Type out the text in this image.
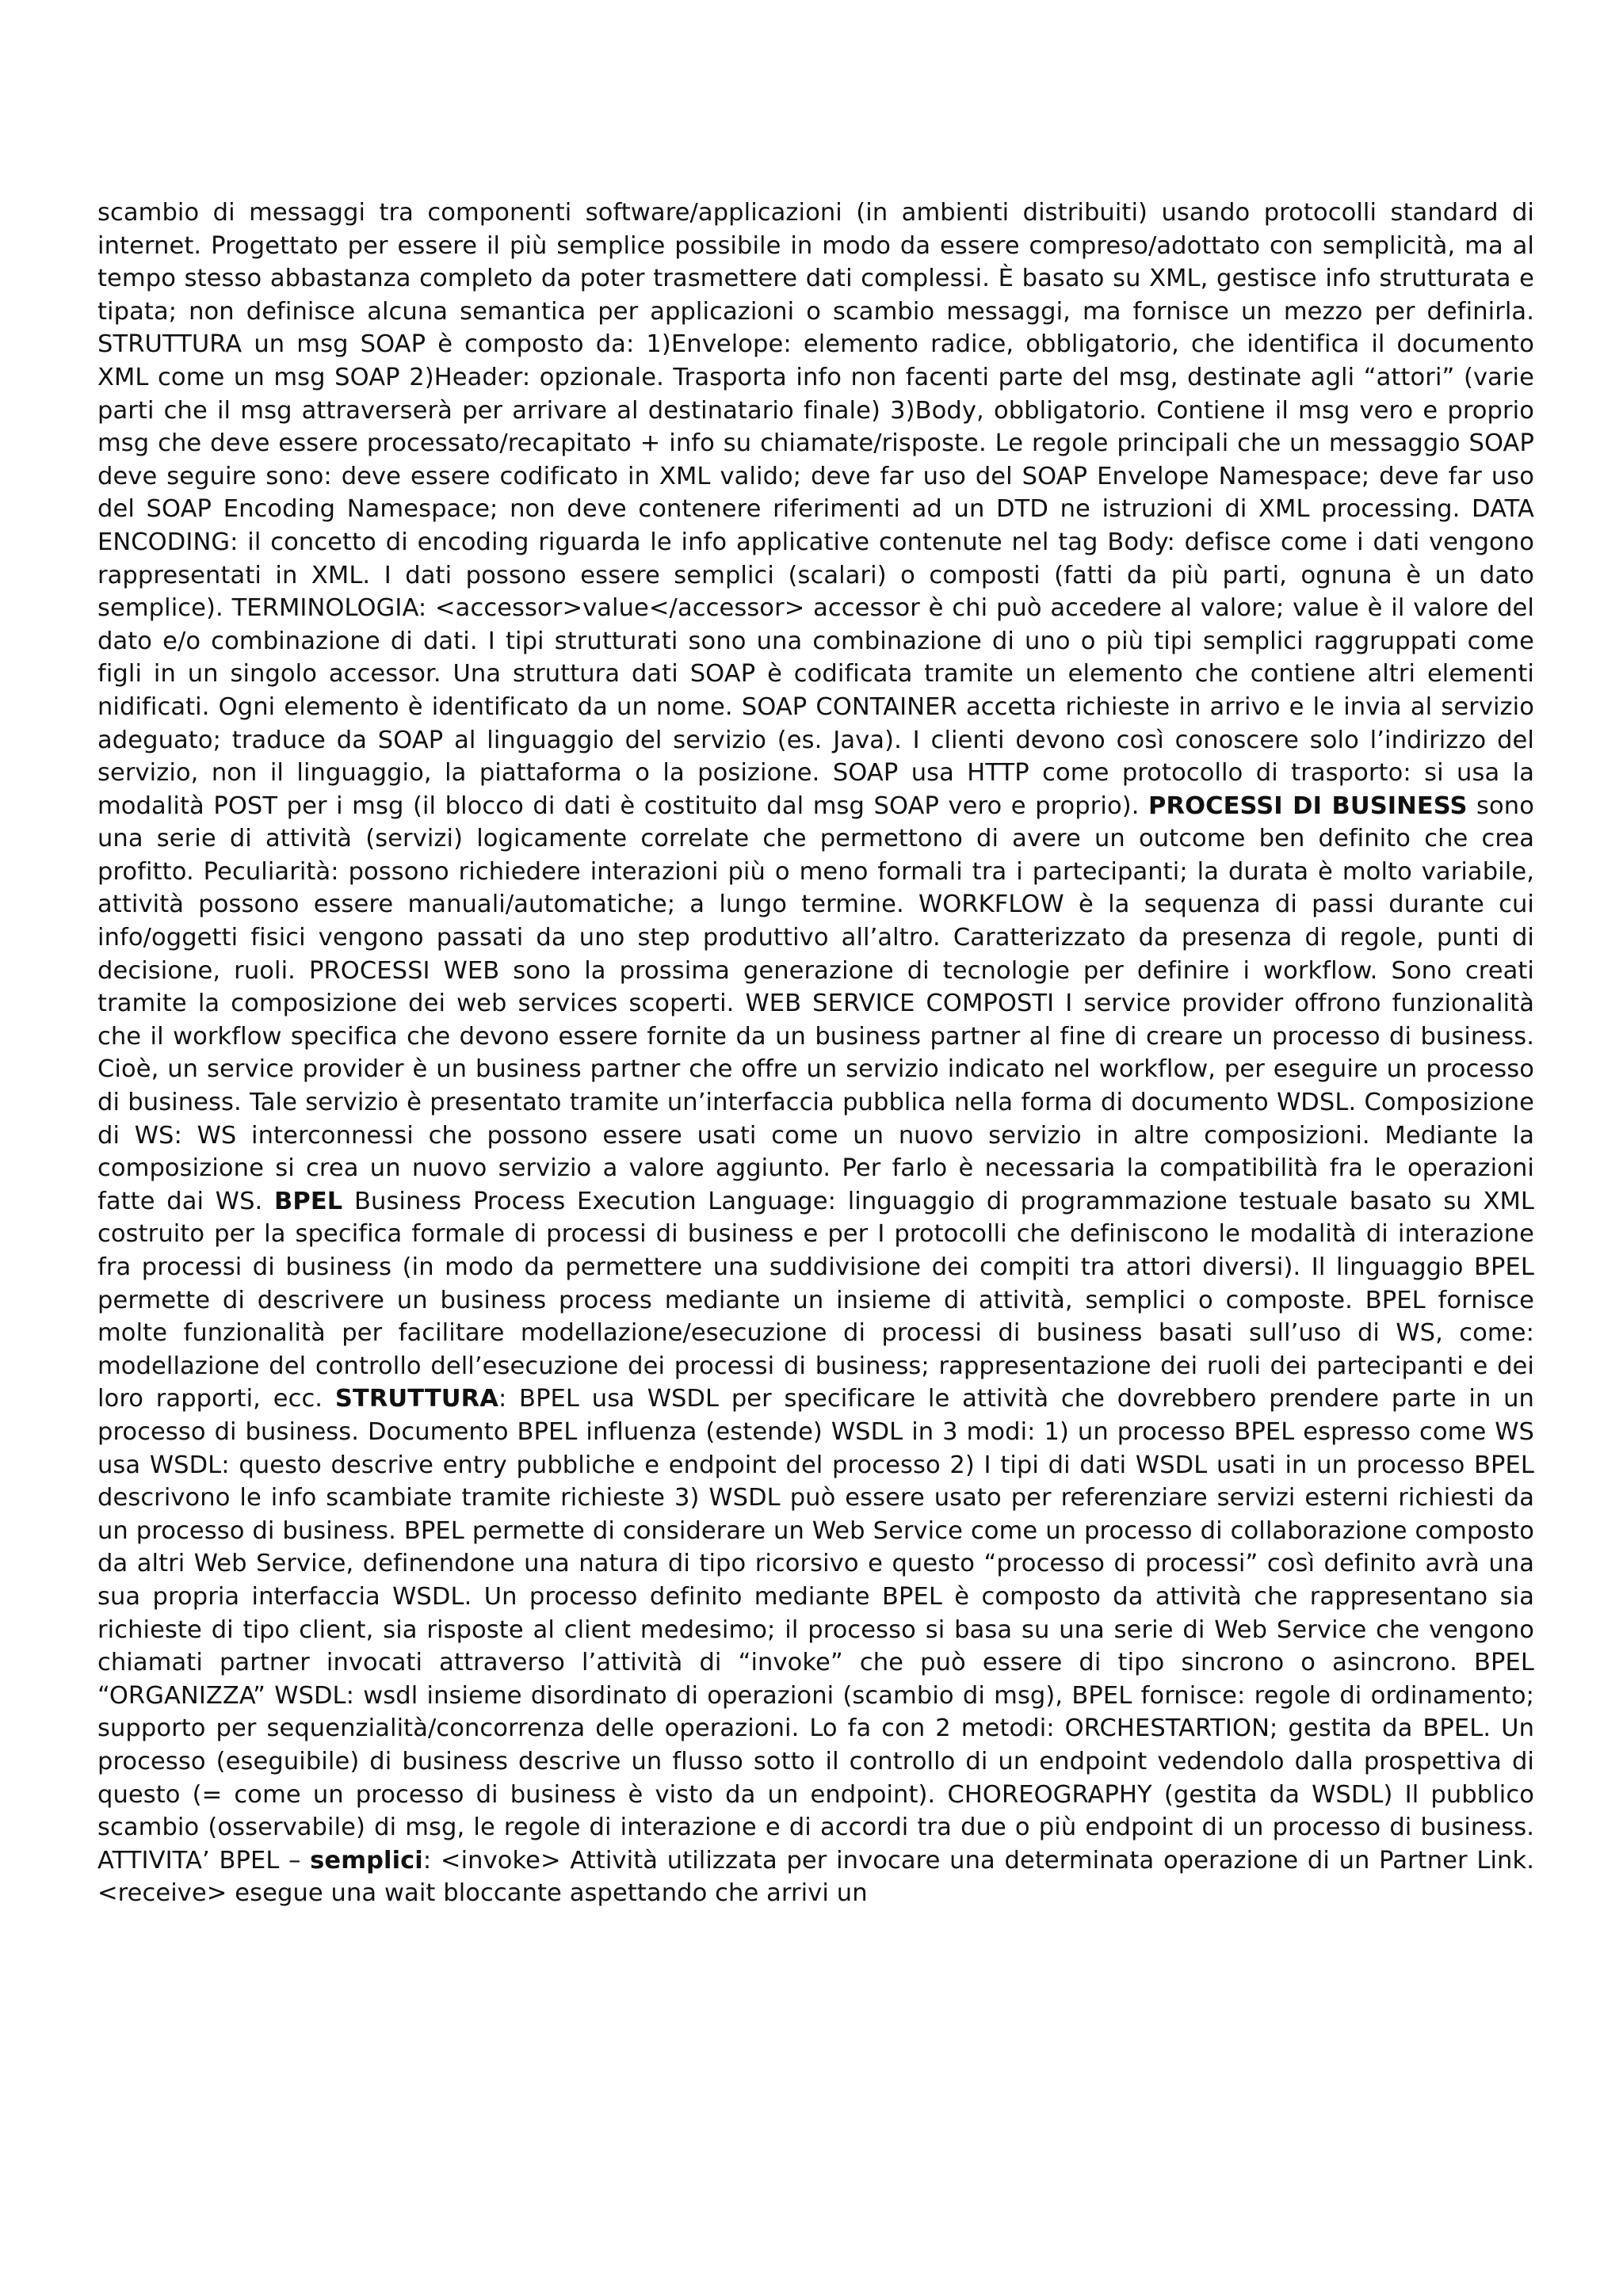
scambio di messaggi tra componenti software/applicazioni (in ambienti distribuiti) usando protocolli standard di internet. Progettato per essere il più semplice possibile in modo da essere compreso/adottato con semplicità, ma al tempo stesso abbastanza completo da poter trasmettere dati complessi. È basato su XML, gestisce info strutturata e tipata; non definisce alcuna semantica per applicazioni o scambio messaggi, ma fornisce un mezzo per definirla. STRUTTURA un msg SOAP è composto da: 1)Envelope: elemento radice, obbligatorio, che identifica il documento XML come un msg SOAP 2)Header: opzionale. Trasporta info non facenti parte del msg, destinate agli “attori” (varie parti che il msg attraverserà per arrivare al destinatario finale) 3)Body, obbligatorio. Contiene il msg vero e proprio msg che deve essere processato/recapitato + info su chiamate/risposte. Le regole principali che un messaggio SOAP deve seguire sono: deve essere codificato in XML valido; deve far uso del SOAP Envelope Namespace; deve far uso del SOAP Encoding Namespace; non deve contenere riferimenti ad un DTD ne istruzioni di XML processing. DATA ENCODING: il concetto di encoding riguarda le info applicative contenute nel tag Body: defisce come i dati vengono rappresentati in XML. I dati possono essere semplici (scalari) o composti (fatti da più parti, ognuna è un dato semplice). TERMINOLOGIA: <accessor>value</accessor> accessor è chi può accedere al valore; value è il valore del dato e/o combinazione di dati. I tipi strutturati sono una combinazione di uno o più tipi semplici raggruppati come figli in un singolo accessor. Una struttura dati SOAP è codificata tramite un elemento che contiene altri elementi nidificati. Ogni elemento è identificato da un nome. SOAP CONTAINER accetta richieste in arrivo e le invia al servizio adeguato; traduce da SOAP al linguaggio del servizio (es. Java). I clienti devono così conoscere solo l’indirizzo del servizio, non il linguaggio, la piattaforma o la posizione. SOAP usa HTTP come protocollo di trasporto: si usa la modalità POST per i msg (il blocco di dati è costituito dal msg SOAP vero e proprio). PROCESSI DI BUSINESS sono una serie di attività (servizi) logicamente correlate che permettono di avere un outcome ben definito che crea profitto. Peculiarità: possono richiedere interazioni più o meno formali tra i partecipanti; la durata è molto variabile, attività possono essere manuali/automatiche; a lungo termine. WORKFLOW è la sequenza di passi durante cui info/oggetti fisici vengono passati da uno step produttivo all’altro. Caratterizzato da presenza di regole, punti di decisione, ruoli. PROCESSI WEB sono la prossima generazione di tecnologie per definire i workflow. Sono creati tramite la composizione dei web services scoperti. WEB SERVICE COMPOSTI I service provider offrono funzionalità che il workflow specifica che devono essere fornite da un business partner al fine di creare un processo di business. Cioè, un service provider è un business partner che offre un servizio indicato nel workflow, per eseguire un processo di business. Tale servizio è presentato tramite un’interfaccia pubblica nella forma di documento WDSL. Composizione di WS: WS interconnessi che possono essere usati come un nuovo servizio in altre composizioni. Mediante la composizione si crea un nuovo servizio a valore aggiunto. Per farlo è necessaria la compatibilità fra le operazioni fatte dai WS. BPEL Business Process Execution Language: linguaggio di programmazione testuale basato su XML costruito per la specifica formale di processi di business e per I protocolli che definiscono le modalità di interazione fra processi di business (in modo da permettere una suddivisione dei compiti tra attori diversi). Il linguaggio BPEL permette di descrivere un business process mediante un insieme di attività, semplici o composte. BPEL fornisce molte funzionalità per facilitare modellazione/esecuzione di processi di business basati sull’uso di WS, come: modellazione del controllo dell’esecuzione dei processi di business; rappresentazione dei ruoli dei partecipanti e dei loro rapporti, ecc. STRUTTURA: BPEL usa WSDL per specificare le attività che dovrebbero prendere parte in un processo di business. Documento BPEL influenza (estende) WSDL in 3 modi: 1) un processo BPEL espresso come WS usa WSDL: questo descrive entry pubbliche e endpoint del processo 2) I tipi di dati WSDL usati in un processo BPEL descrivono le info scambiate tramite richieste 3) WSDL può essere usato per referenziare servizi esterni richiesti da un processo di business. BPEL permette di considerare un Web Service come un processo di collaborazione composto da altri Web Service, definendone una natura di tipo ricorsivo e questo “processo di processi” così definito avrà una sua propria interfaccia WSDL. Un processo definito mediante BPEL è composto da attività che rappresentano sia richieste di tipo client, sia risposte al client medesimo; il processo si basa su una serie di Web Service che vengono chiamati partner invocati attraverso l’attività di “invoke” che può essere di tipo sincrono o asincrono. BPEL “ORGANIZZA” WSDL: wsdl insieme disordinato di operazioni (scambio di msg), BPEL fornisce: regole di ordinamento; supporto per sequenzialità/concorrenza delle operazioni. Lo fa con 2 metodi: ORCHESTARTION; gestita da BPEL. Un processo (eseguibile) di business descrive un flusso sotto il controllo di un endpoint vedendolo dalla prospettiva di questo (= come un processo di business è visto da un endpoint). CHOREOGRAPHY (gestita da WSDL) Il pubblico scambio (osservabile) di msg, le regole di interazione e di accordi tra due o più endpoint di un processo di business. ATTIVITA’ BPEL – semplici: <invoke> Attività utilizzata per invocare una determinata operazione di un Partner Link. <receive> esegue una wait bloccante aspettando che arrivi un
